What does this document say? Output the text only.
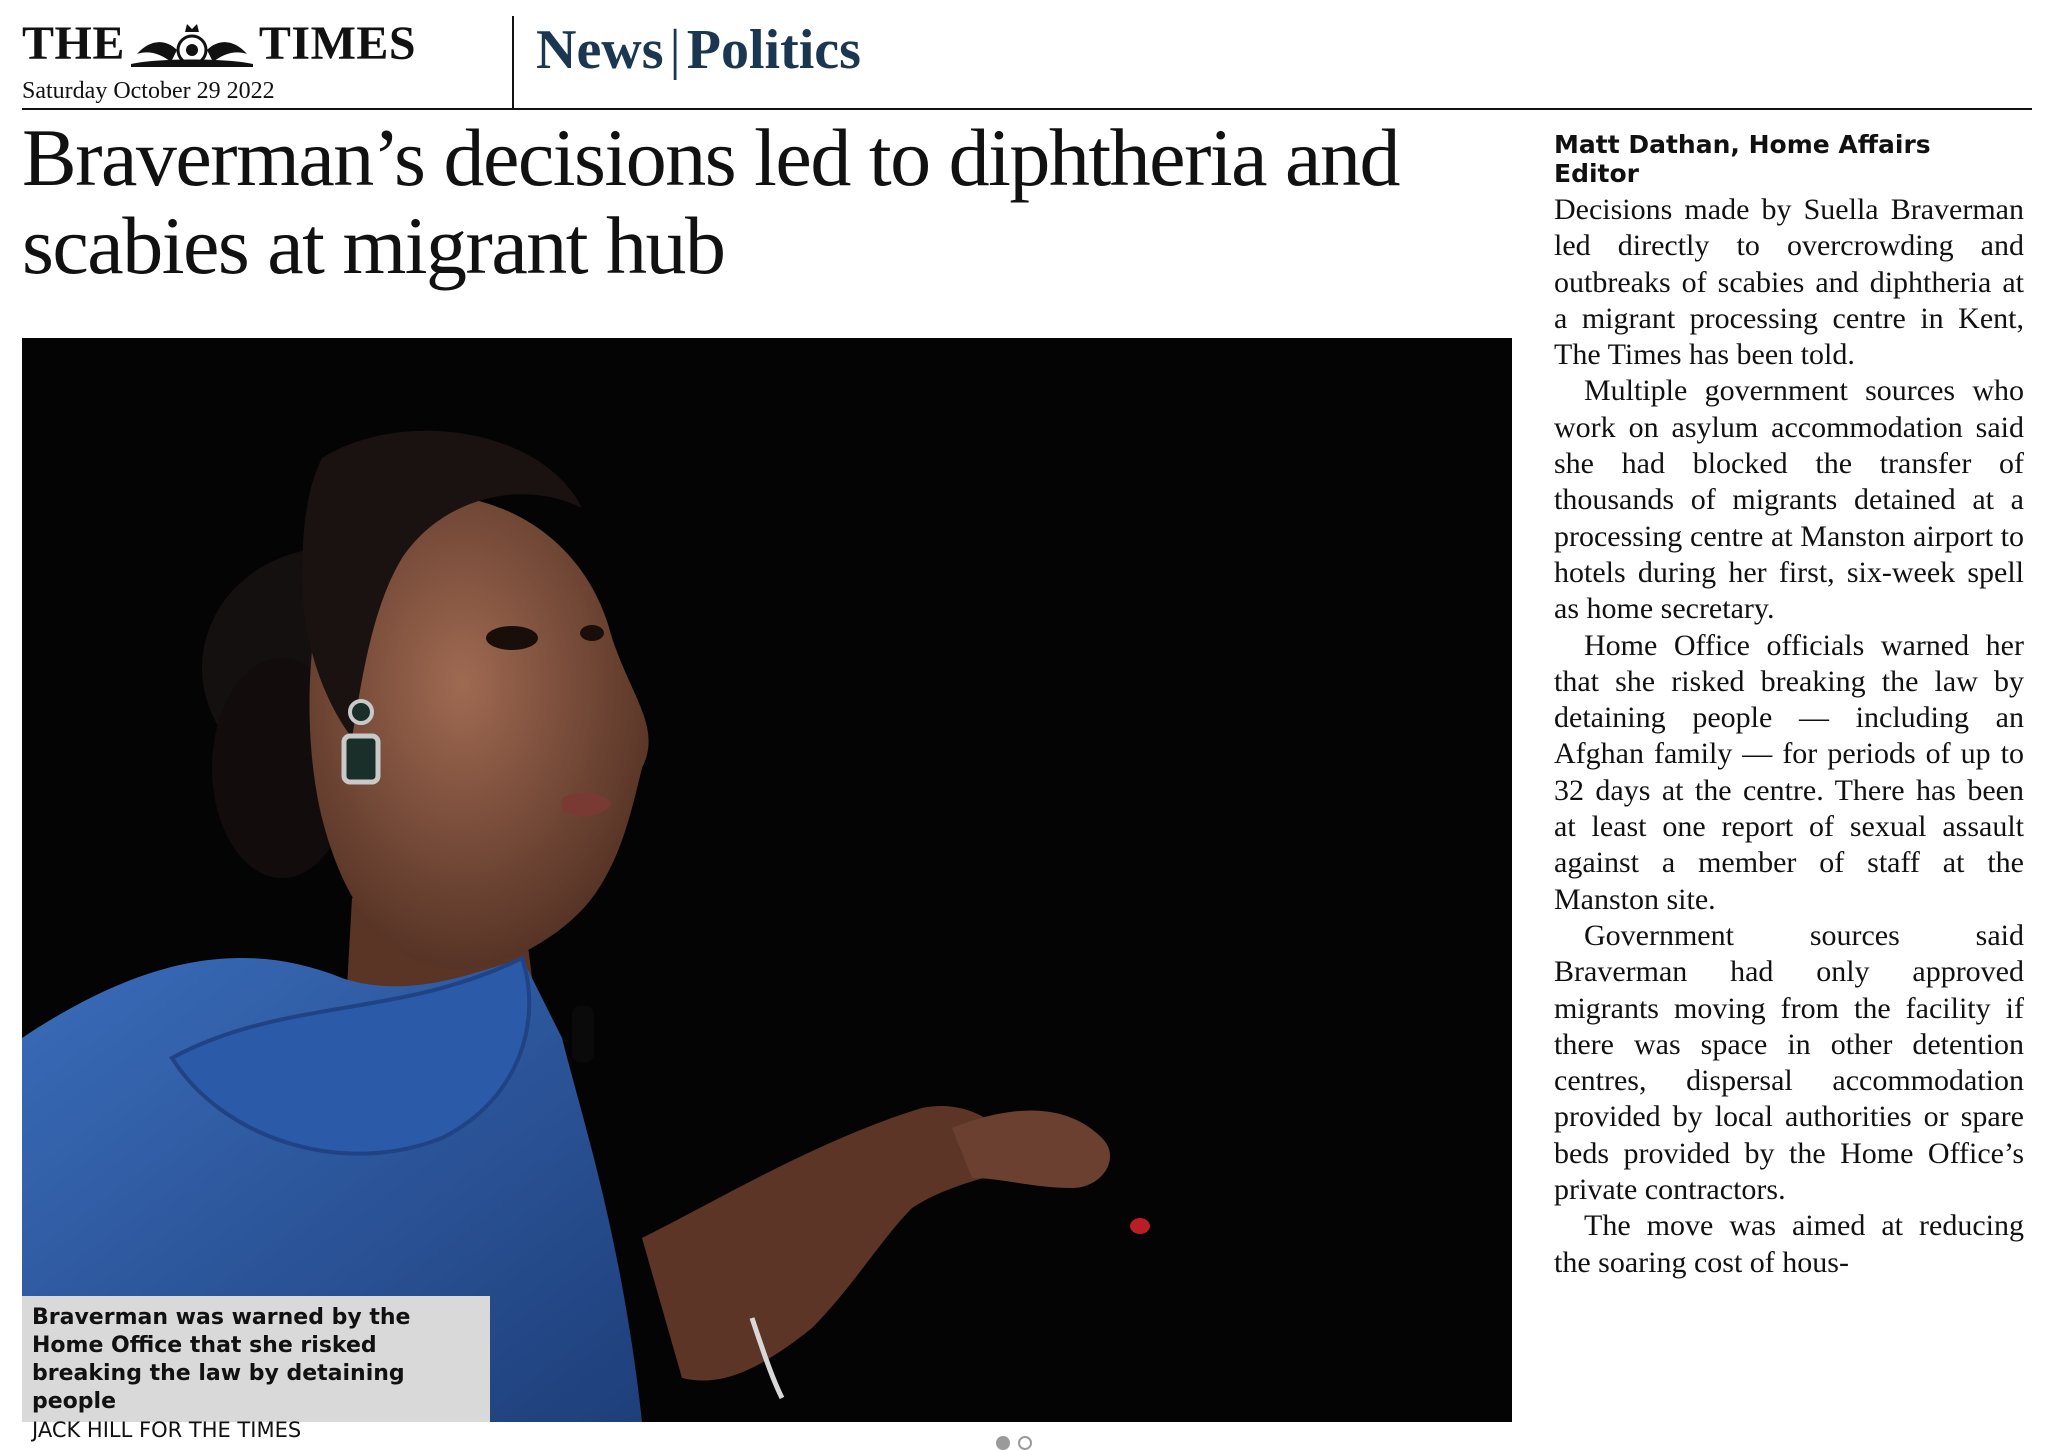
THE	TIMES
Saturday October 29 2022
News | Politics
Braverman’s decisions led to diphtheria and scabies at migrant hub
Braverman was warned by the Home Office that she risked breaking the law by detaining people
JACK HILL FOR THE TIMES
Matt Dathan, Home Affairs Editor

Decisions made by Suella Braverman led directly to overcrowding and outbreaks of scabies and diphtheria at a migrant processing centre in Kent, The Times has been told.

Multiple government sources who work on asylum accommodation said she had blocked the transfer of thousands of migrants detained at a processing centre at Manston airport to hotels during her first, six-week spell as home secretary.

Home Office officials warned her that she risked breaking the law by detaining people — including an Afghan family — for periods of up to 32 days at the centre. There has been at least one report of sexual assault against a member of staff at the Manston site.

Government sources said Braverman had only approved migrants moving from the facility if there was space in other detention centres, dispersal accommodation provided by local authorities or spare beds provided by the Home Office’s private contractors.

The move was aimed at reducing the soaring cost of hous-
